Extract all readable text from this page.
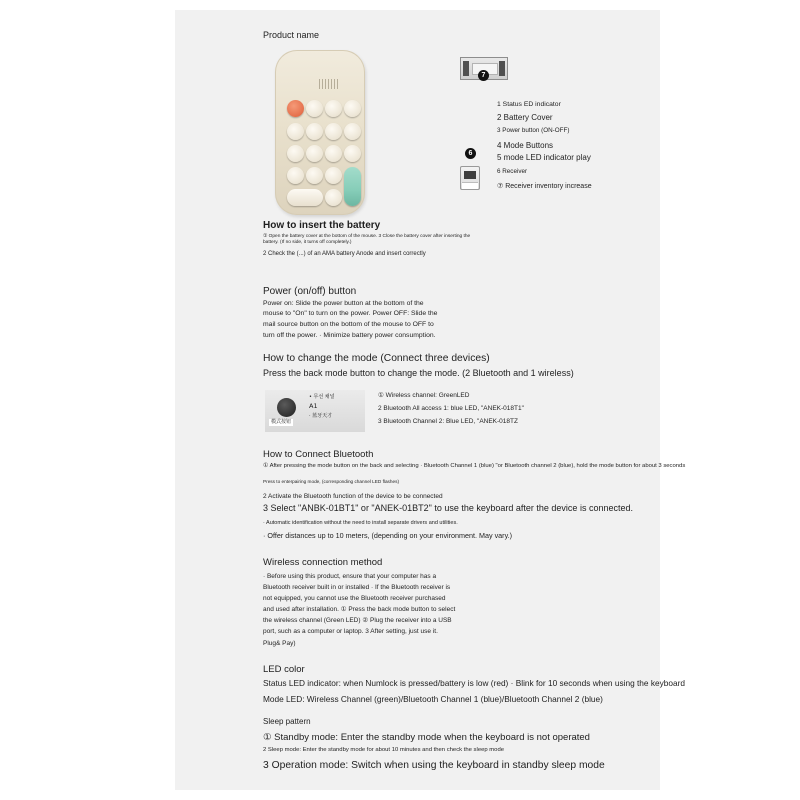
Product name
7
6
1 Status ED indicator
2 Battery Cover
3 Power button (ON-OFF)
4 Mode Buttons
5 mode LED indicator play
6 Receiver
⑦ Receiver inventory increase
How to insert the battery
① Open the battery cover at the bottom of the mouse. 3 Close the battery cover after inserting the
battery. (If no side, it turns off completely.)
2 Check the (...) of an AMA battery Anode and insert correctly
Power (on/off) button
Power on: Slide the power button at the bottom of the
mouse to "On" to turn on the power. Power OFF: Slide the
mail source button on the bottom of the mouse to OFF to
turn off the power. · Minimize battery power consumption.
How to change the mode (Connect three devices)
Press the back mode button to change the mode. (2 Bluetooth and 1 wireless)
• 무선 채널
A1
· 蓝牙天才
模式按钮
① Wireless channel: GreenLED
2 Bluetooth All access 1: blue LED, "ANEK-018T1"
3 Bluetooth Channel 2: Blue LED, "ANEK-018TZ
How to Connect Bluetooth
① After pressing the mode button on the back and selecting · Bluetooth Channel 1 (blue) "or Bluetooth channel 2 (blue), hold the mode button for about 3 seconds
Press to enterpairing mode, (corresponding channel LED flashes)
2 Activate the Bluetooth function of the device to be connected
3 Select "ANBK-01BT1" or "ANEK-01BT2" to use the keyboard after the device is connected.
· Automatic identification without the need to install separate drivers and utilities.
· Offer distances up to 10 meters, (depending on your environment. May vary.)
Wireless connection method
· Before using this product, ensure that your computer has a
Bluetooth receiver built in or installed · If the Bluetooth receiver is
not equipped, you cannot use the Bluetooth receiver purchased
and used after installation. ① Press the back mode button to select
the wireless channel (Green LED) ② Plug the receiver into a USB
port, such as a computer or laptop. 3 After setting, just use it.
Plug& Pay)
LED color
Status LED indicator: when Numlock is pressed/battery is low (red) · Blink for 10 seconds when using the keyboard
Mode LED: Wireless Channel (green)/Bluetooth Channel 1 (blue)/Bluetooth Channel 2 (blue)
Sleep pattern
① Standby mode: Enter the standby mode when the keyboard is not operated
2 Sleep mode: Enter the standby mode for about 10 minutes and then check the sleep mode
3 Operation mode: Switch when using the keyboard in standby sleep mode
